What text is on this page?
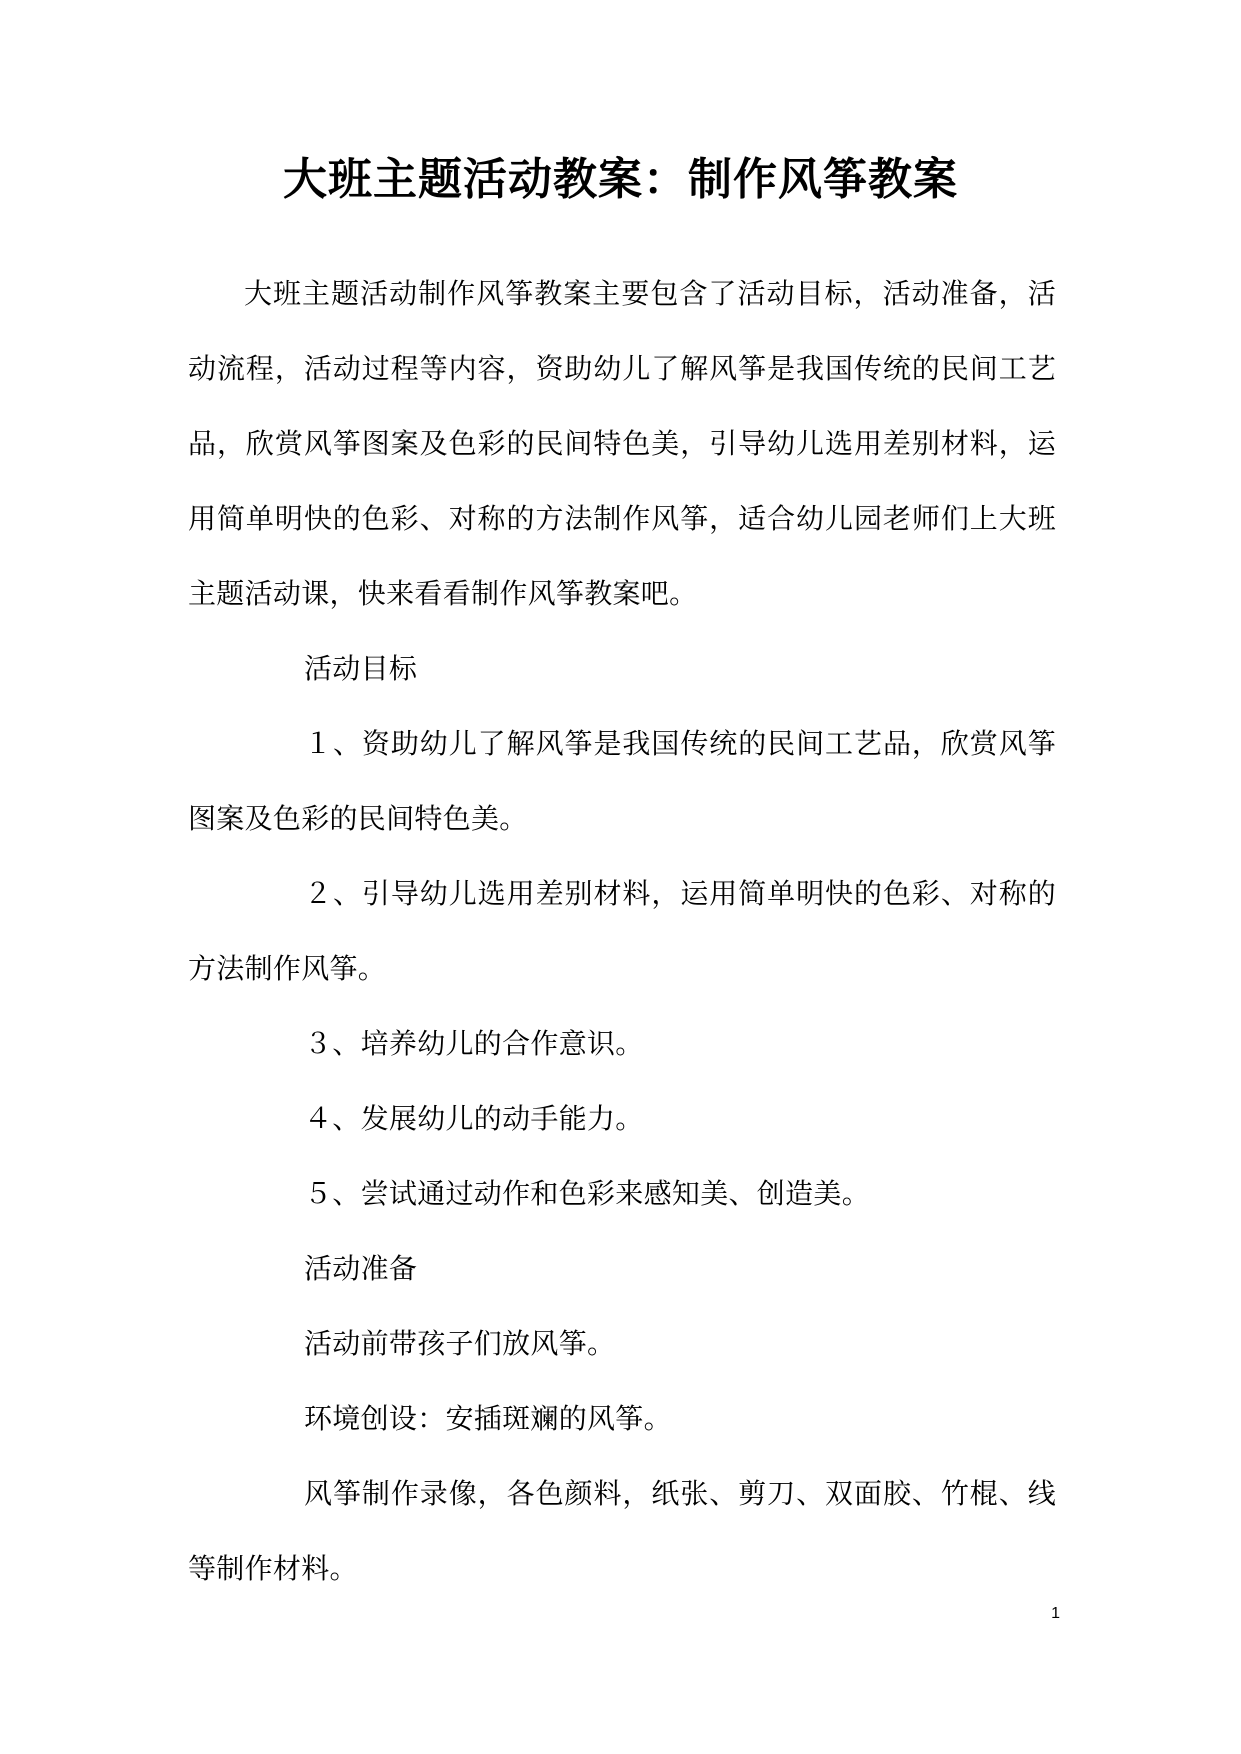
大班主题活动教案：制作风筝教案

大班主题活动制作风筝教案主要包含了活动目标，活动准备，活动流程，活动过程等内容，资助幼儿了解风筝是我国传统的民间工艺品，欣赏风筝图案及色彩的民间特色美，引导幼儿选用差别材料，运用简单明快的色彩、对称的方法制作风筝，适合幼儿园老师们上大班主题活动课，快来看看制作风筝教案吧。

活动目标

１、资助幼儿了解风筝是我国传统的民间工艺品，欣赏风筝图案及色彩的民间特色美。

２、引导幼儿选用差别材料，运用简单明快的色彩、对称的方法制作风筝。

３、培养幼儿的合作意识。

４、发展幼儿的动手能力。

５、尝试通过动作和色彩来感知美、创造美。

活动准备

活动前带孩子们放风筝。

环境创设：安插斑斓的风筝。

风筝制作录像，各色颜料，纸张、剪刀、双面胶、竹棍、线等制作材料。

1
